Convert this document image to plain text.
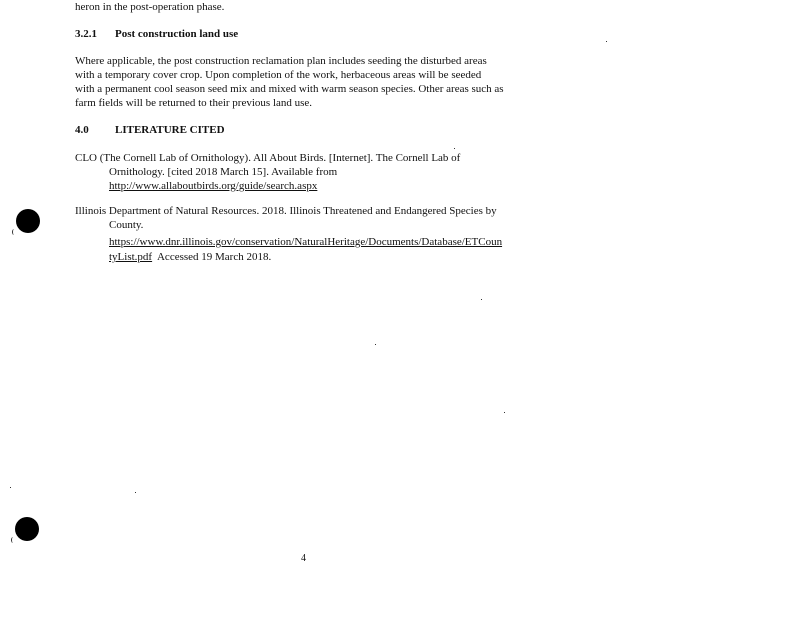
heron in the post-operation phase.
3.2.1 Post construction land use
Where applicable, the post construction reclamation plan includes seeding the disturbed areas
with a temporary cover crop. Upon completion of the work, herbaceous areas will be seeded
with a permanent cool season seed mix and mixed with warm season species. Other areas such as
farm fields will be returned to their previous land use.
4.0 LITERATURE CITED
CLO (The Cornell Lab of Ornithology). All About Birds. [Internet]. The Cornell Lab of
Ornithology. [cited 2018 March 15]. Available from
http://www.allaboutbirds.org/guide/search.aspx
Illinois Department of Natural Resources. 2018. Illinois Threatened and Endangered Species by
County.
https://www.dnr.illinois.gov/conservation/NaturalHeritage/Documents/Database/ETCoun
tyList.pdf  Accessed 19 March 2018.
4
